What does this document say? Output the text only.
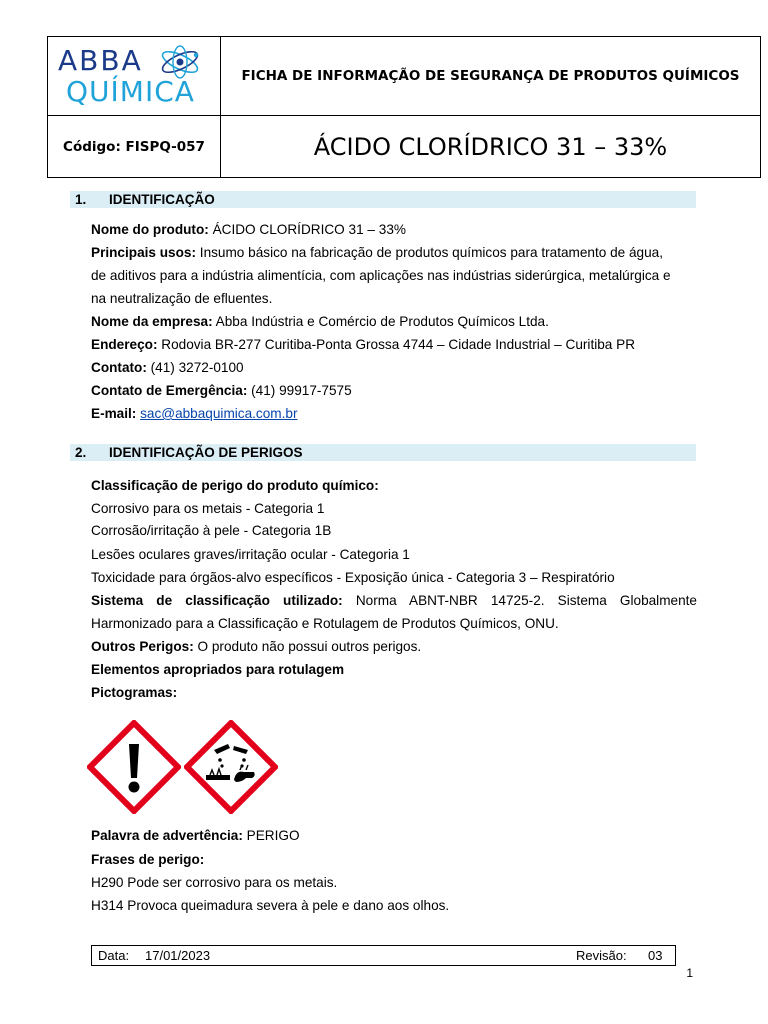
ABBA
QUÍMICA	FICHA DE INFORMAÇÃO DE SEGURANÇA DE PRODUTOS QUÍMICOS
Código: FISPQ-057	ÁCIDO CLORÍDRICO 31 – 33%
1. IDENTIFICAÇÃO
Nome do produto: ÁCIDO CLORÍDRICO 31 – 33%
Principais usos: Insumo básico na fabricação de produtos químicos para tratamento de água,
de aditivos para a indústria alimentícia, com aplicações nas indústrias siderúrgica, metalúrgica e
na neutralização de efluentes.
Nome da empresa: Abba Indústria e Comércio de Produtos Químicos Ltda.
Endereço: Rodovia BR-277 Curitiba-Ponta Grossa 4744 – Cidade Industrial – Curitiba PR
Contato: (41) 3272-0100
Contato de Emergência: (41) 99917-7575
E-mail: sac@abbaquimica.com.br
2. IDENTIFICAÇÃO DE PERIGOS
Classificação de perigo do produto químico:
Corrosivo para os metais - Categoria 1
Corrosão/irritação à pele - Categoria 1B
Lesões oculares graves/irritação ocular - Categoria 1
Toxicidade para órgãos-alvo específicos - Exposição única - Categoria 3 – Respiratório
Sistema de classificação utilizado: Norma ABNT-NBR 14725-2. Sistema Globalmente
Harmonizado para a Classificação e Rotulagem de Produtos Químicos, ONU.
Outros Perigos: O produto não possui outros perigos.
Elementos apropriados para rotulagem
Pictogramas:
Palavra de advertência: PERIGO
Frases de perigo:
H290 Pode ser corrosivo para os metais.
H314 Provoca queimadura severa à pele e dano aos olhos.
Data: 17/01/2023	Revisão: 03
1
